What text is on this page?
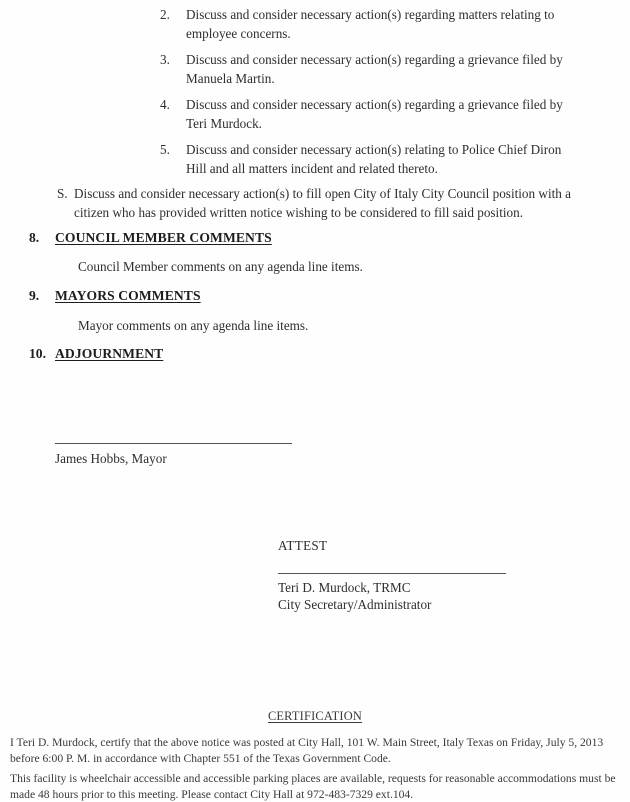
2.	Discuss and consider necessary action(s) regarding matters relating to employee concerns.
3.	Discuss and consider necessary action(s) regarding a grievance filed by Manuela Martin.
4.	Discuss and consider necessary action(s) regarding a grievance filed by Teri Murdock.
5.	Discuss and consider necessary action(s) relating to Police Chief Diron Hill and all matters incident and related thereto.
S. Discuss and consider necessary action(s) to fill open City of Italy City Council position with a citizen who has provided written notice wishing to be considered to fill said position.
8.	COUNCIL MEMBER COMMENTS
Council Member comments on any agenda line items.
9.	MAYORS COMMENTS
Mayor comments on any agenda line items.
10. ADJOURNMENT
James Hobbs, Mayor
ATTEST
Teri D. Murdock, TRMC
City Secretary/Administrator
CERTIFICATION
I Teri D. Murdock, certify that the above notice was posted at City Hall, 101 W. Main Street, Italy Texas on Friday, July 5, 2013 before 6:00 P. M. in accordance with Chapter 551 of the Texas Government Code.
This facility is wheelchair accessible and accessible parking places are available, requests for reasonable accommodations must be made 48 hours prior to this meeting. Please contact City Hall at 972-483-7329 ext.104.
